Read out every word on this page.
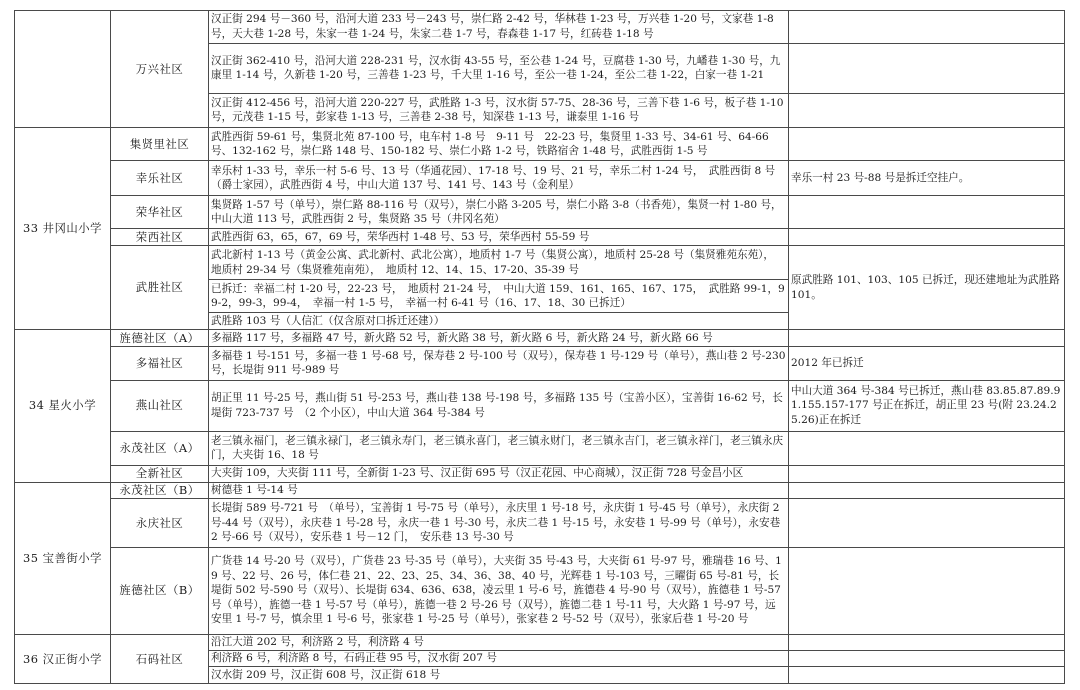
	万兴社区	汉正街 294 号－360 号，沿河大道 233 号－243 号，崇仁路 2-42 号，华林巷 1-23 号，万兴巷 1-20 号，文家巷 1-8 号，天大巷 1-28 号，朱家一巷 1-24 号，朱家二巷 1-7 号，春森巷 1-17 号，红砖巷 1-18 号	
		汉正街 362-410 号，沿河大道 228-231 号，汉水街 43-55 号，至公巷 1-24 号，豆腐巷 1-30 号，九嶓巷 1-30 号，九康里 1-14 号，久新巷 1-20 号，三善巷 1-23 号，千大里 1-16 号，至公一巷 1-24，至公二巷 1-22，白家一巷 1-21	
		汉正街 412-456 号，沿河大道 220-227 号，武胜路 1-3 号，汉水街 57-75、28-36 号，三善下巷 1-6 号，板子巷 1-10 号，元茂巷 1-15 号，彭家巷 1-13 号，三善巷 2-38 号，知深巷 1-13 号，谦泰里 1-16 号	
33 井冈山小学	集贤里社区	武胜西街 59-61 号，集贤北苑 87-100 号，电车村 1-8 号　9-11 号　22-23 号，集贤里 1-33 号、34-61 号、64-66 号、132-162 号，崇仁路 148 号、150-182 号、崇仁小路 1-2 号，铁路宿舍 1-48 号，武胜西街 1-5 号	
	幸乐社区	幸乐村 1-33 号，幸乐一村 5-6 号、13 号（华通花园）、17-18 号、19 号、21 号，幸乐二村 1-24 号，　武胜西街 8 号（爵士家园），武胜西街 4 号，中山大道 137 号、141 号、143 号（金利星）	幸乐一村 23 号-88 号是拆迁空挂户。
	荣华社区	集贤路 1-57 号（单号），崇仁路 88-116 号（双号），崇仁小路 3-205 号，崇仁小路 3-8（书香苑），集贤一村 1-80 号，中山大道 113 号，武胜西街 2 号，集贤路 35 号（井冈名苑）	
	荣西社区	武胜西街 63，65，67，69 号，荣华西村 1-48 号、53 号，荣华西村 55-59 号	
	武胜社区	武北新村 1-13 号（黄金公寓、武北新村、武北公寓），地质村 1-7 号（集贤公寓），地质村 25-28 号（集贤雅苑东苑），　地质村 29-34 号（集贤雅苑南苑），　地质村 12、14、15、17-20、35-39 号	原武胜路 101、103、105 已拆迁，现还建地址为武胜路 101。
		已拆迁：幸福二村 1-20 号，22-23 号，　地质村 21-24 号，　中山大道 159、161、165、167、175，　武胜路 99-1，99-2，99-3，99-4，　幸福一村 1-5 号，　幸福一村 6-41 号（16、17、18、30 已拆迁）	
		武胜路 103 号（人信汇（仅含原对口拆迁还建））	
34 星火小学	旌德社区（A）	多福路 117 号，多福路 47 号，新火路 52 号，新火路 38 号，新火路 6 号，新火路 24 号，新火路 66 号	
	多福社区	多福巷 1 号-151 号，多福一巷 1 号-68 号，保寿巷 2 号-100 号（双号），保寿巷 1 号-129 号（单号），燕山巷 2 号-230 号，长堤街 911 号-989 号	2012 年已拆迁
	燕山社区	胡正里 11 号-25 号，燕山街 51 号-253 号，燕山巷 138 号-198 号，多福路 135 号（宝善小区），宝善街 16-62 号，长堤街 723-737 号　（2 个小区），中山大道 364 号-384 号	中山大道 364 号-384 号已拆迁，燕山巷 83.85.87.89.91.155.157-177 号正在拆迁，胡正里 23 号(附 23.24.25.26)正在拆迁
	永茂社区（A）	老三镇永福门，老三镇永禄门，老三镇永寿门，老三镇永喜门，老三镇永财门，老三镇永吉门，老三镇永祥门，老三镇永庆门，大夹街 16、18 号	
	全新社区	大夹街 109，大夹街 111 号，全新街 1-23 号、汉正街 695 号（汉正花园、中心商城），汉正街 728 号金昌小区	
35 宝善街小学	永茂社区（B）	树德巷 1 号-14 号	
	永庆社区	长堤街 589 号-721 号　（单号），宝善街 1 号-75 号（单号），永庆里 1 号-18 号，永庆街 1 号-45 号（单号），永庆街 2 号-44 号（双号），永庆巷 1 号-28 号，永庆一巷 1 号-30 号，永庆二巷 1 号-15 号，永安巷 1 号-99 号（单号），永安巷 2 号-66 号（双号），安乐巷 1 号－12 门，　安乐巷 13 号-30 号	
	旌德社区（B）	广货巷 14 号-20 号（双号），广货巷 23 号-35 号（单号），大夹街 35 号-43 号，大夹街 61 号-97 号，雅瑞巷 16 号、19 号、22 号、26 号，体仁巷 21、22、23、25、34、36、38、40 号，光辉巷 1 号-103 号，三曜街 65 号-81 号，长堤街 502 号-590 号（双号）、长堤街 634、636、638，凌云里 1 号-6 号，旌德巷 4 号-90 号（双号），旌德巷 1 号-57 号（单号），旌德一巷 1 号-57 号（单号），旌德一巷 2 号-26 号（双号），旌德二巷 1 号-11 号，大火路 1 号-97 号，远安里 1 号-7 号，慎余里 1 号-6 号，张家巷 1 号-25 号（单号），张家巷 2 号-52 号（双号），张家后巷 1 号-20 号	
36 汉正街小学	石码社区	沿江大道 202 号，利济路 2 号，利济路 4 号	
		利济路 6 号，利济路 8 号，石码正巷 95 号，汉水街 207 号	
		汉水街 209 号，汉正街 608 号，汉正街 618 号	
